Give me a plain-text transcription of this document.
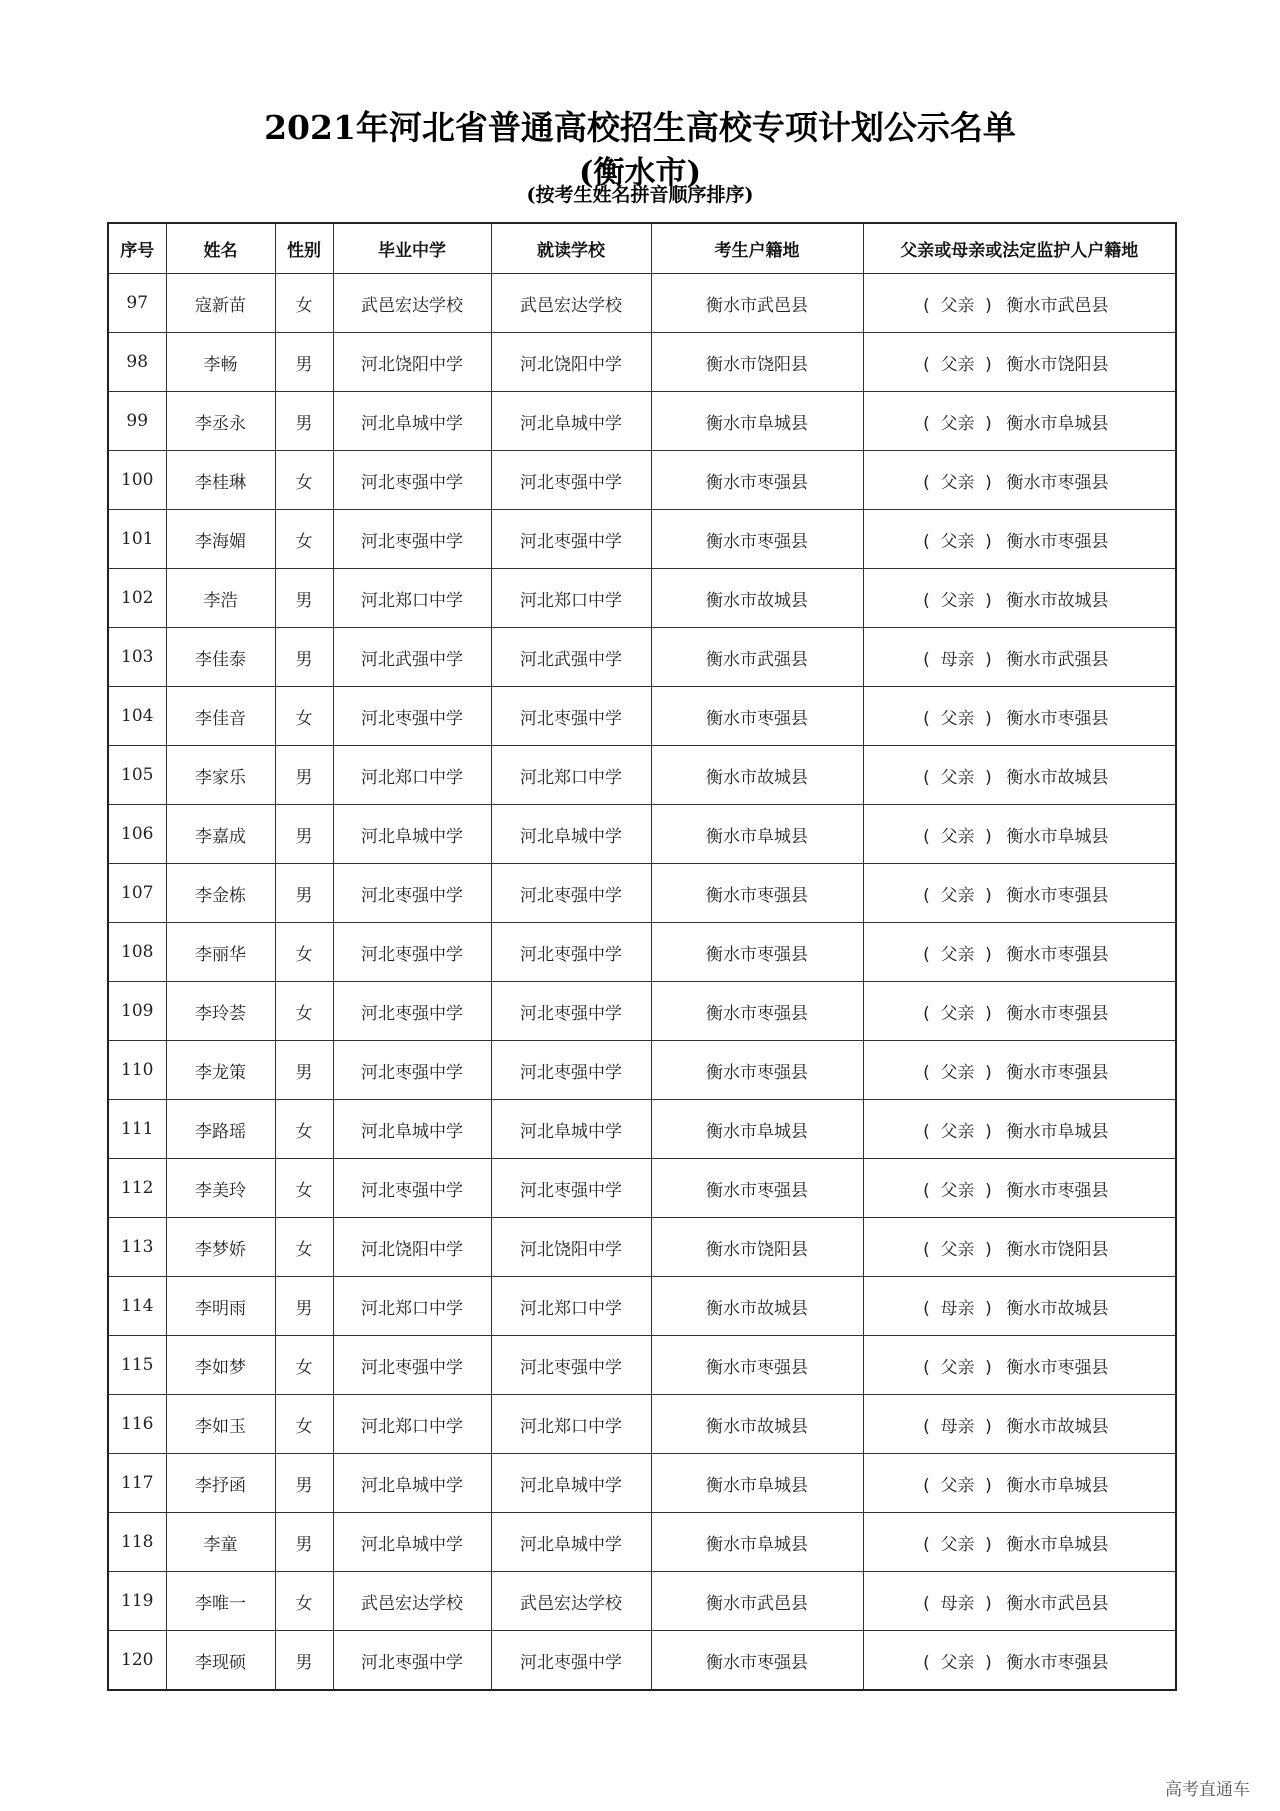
2021年河北省普通高校招生高校专项计划公示名单
(衡水市)
(按考生姓名拼音顺序排序)
序号	姓名	性别	毕业中学	就读学校	考生户籍地	父亲或母亲或法定监护人户籍地
97	寇新苗	女	武邑宏达学校	武邑宏达学校	衡水市武邑县	( 父亲 ) 衡水市武邑县
98	李畅	男	河北饶阳中学	河北饶阳中学	衡水市饶阳县	( 父亲 ) 衡水市饶阳县
99	李丞永	男	河北阜城中学	河北阜城中学	衡水市阜城县	( 父亲 ) 衡水市阜城县
100	李桂琳	女	河北枣强中学	河北枣强中学	衡水市枣强县	( 父亲 ) 衡水市枣强县
101	李海媚	女	河北枣强中学	河北枣强中学	衡水市枣强县	( 父亲 ) 衡水市枣强县
102	李浩	男	河北郑口中学	河北郑口中学	衡水市故城县	( 父亲 ) 衡水市故城县
103	李佳泰	男	河北武强中学	河北武强中学	衡水市武强县	( 母亲 ) 衡水市武强县
104	李佳音	女	河北枣强中学	河北枣强中学	衡水市枣强县	( 父亲 ) 衡水市枣强县
105	李家乐	男	河北郑口中学	河北郑口中学	衡水市故城县	( 父亲 ) 衡水市故城县
106	李嘉成	男	河北阜城中学	河北阜城中学	衡水市阜城县	( 父亲 ) 衡水市阜城县
107	李金栋	男	河北枣强中学	河北枣强中学	衡水市枣强县	( 父亲 ) 衡水市枣强县
108	李丽华	女	河北枣强中学	河北枣强中学	衡水市枣强县	( 父亲 ) 衡水市枣强县
109	李玲荟	女	河北枣强中学	河北枣强中学	衡水市枣强县	( 父亲 ) 衡水市枣强县
110	李龙策	男	河北枣强中学	河北枣强中学	衡水市枣强县	( 父亲 ) 衡水市枣强县
111	李路瑶	女	河北阜城中学	河北阜城中学	衡水市阜城县	( 父亲 ) 衡水市阜城县
112	李美玲	女	河北枣强中学	河北枣强中学	衡水市枣强县	( 父亲 ) 衡水市枣强县
113	李梦娇	女	河北饶阳中学	河北饶阳中学	衡水市饶阳县	( 父亲 ) 衡水市饶阳县
114	李明雨	男	河北郑口中学	河北郑口中学	衡水市故城县	( 母亲 ) 衡水市故城县
115	李如梦	女	河北枣强中学	河北枣强中学	衡水市枣强县	( 父亲 ) 衡水市枣强县
116	李如玉	女	河北郑口中学	河北郑口中学	衡水市故城县	( 母亲 ) 衡水市故城县
117	李抒函	男	河北阜城中学	河北阜城中学	衡水市阜城县	( 父亲 ) 衡水市阜城县
118	李童	男	河北阜城中学	河北阜城中学	衡水市阜城县	( 父亲 ) 衡水市阜城县
119	李唯一	女	武邑宏达学校	武邑宏达学校	衡水市武邑县	( 母亲 ) 衡水市武邑县
120	李现硕	男	河北枣强中学	河北枣强中学	衡水市枣强县	( 父亲 ) 衡水市枣强县
高考直通车
